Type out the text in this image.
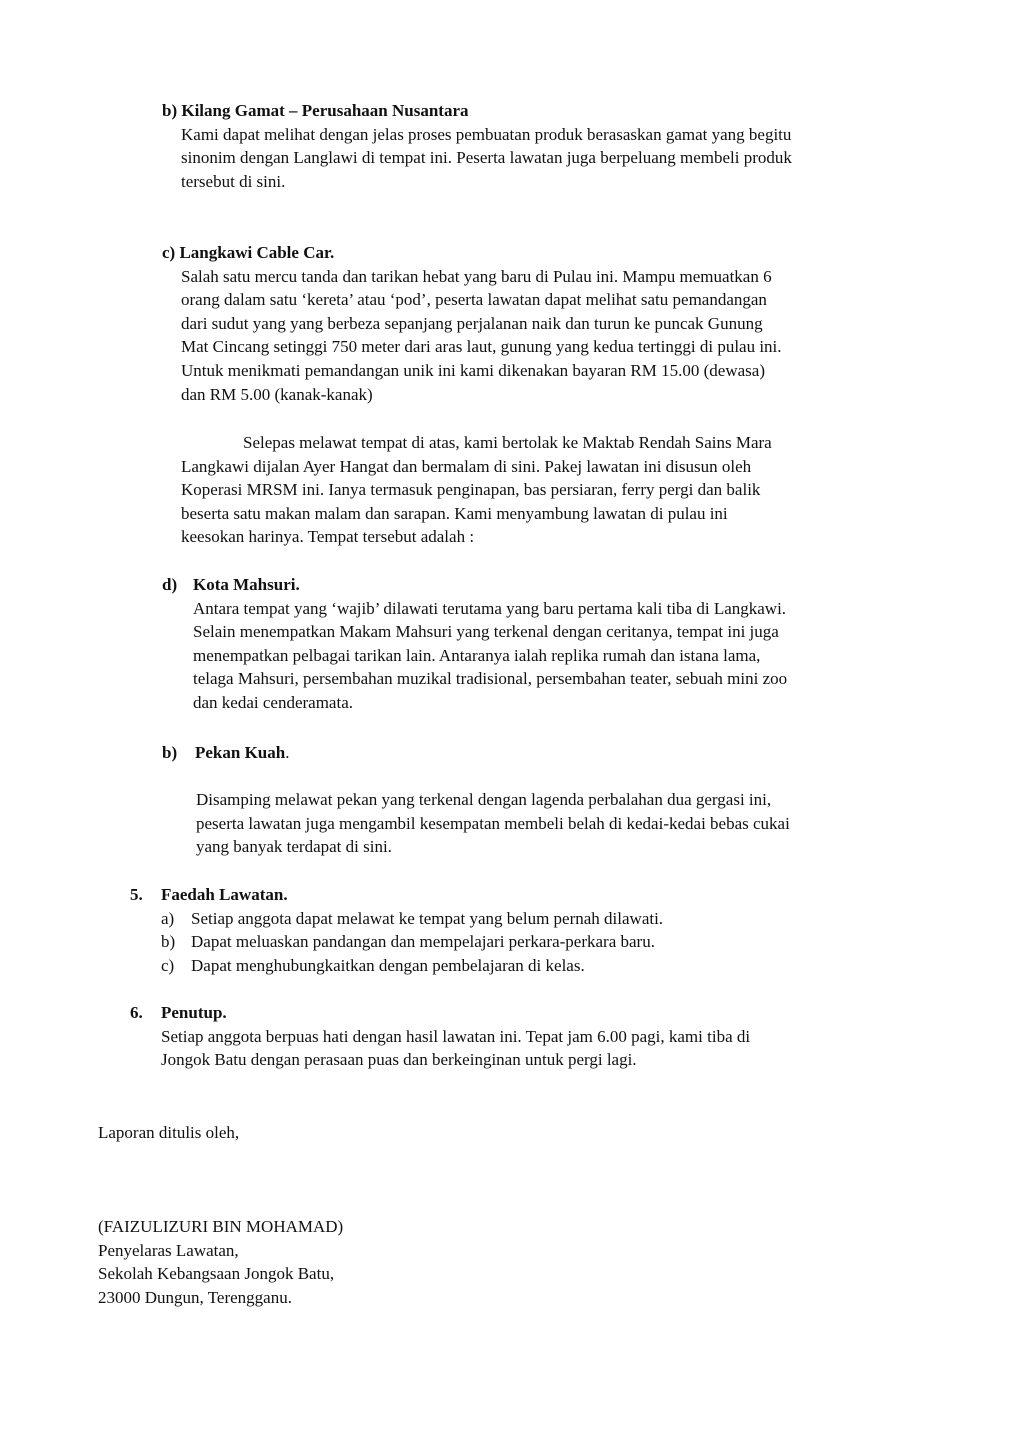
b) Kilang Gamat – Perusahaan Nusantara
Kami dapat melihat dengan jelas proses pembuatan produk berasaskan gamat yang begitu
sinonim dengan Langlawi di tempat ini. Peserta lawatan juga berpeluang membeli produk
tersebut di sini.
c) Langkawi Cable Car.
Salah satu mercu tanda dan tarikan hebat yang baru di Pulau ini. Mampu memuatkan 6
orang dalam satu ‘kereta’ atau ‘pod’, peserta lawatan dapat melihat satu pemandangan
dari sudut yang yang berbeza sepanjang perjalanan naik dan turun ke puncak Gunung
Mat Cincang setinggi 750 meter dari aras laut, gunung yang kedua tertinggi di pulau ini.
Untuk menikmati pemandangan unik ini kami dikenakan bayaran RM 15.00 (dewasa)
dan RM 5.00 (kanak-kanak)
Selepas melawat tempat di atas, kami bertolak ke Maktab Rendah Sains Mara
Langkawi dijalan Ayer Hangat dan bermalam di sini. Pakej lawatan ini disusun oleh
Koperasi MRSM ini. Ianya termasuk penginapan, bas persiaran, ferry pergi dan balik
beserta satu makan malam dan sarapan. Kami menyambung lawatan di pulau ini
keesokan harinya. Tempat tersebut adalah :
d) Kota Mahsuri.
Antara tempat yang ‘wajib’ dilawati terutama yang baru pertama kali tiba di Langkawi.
Selain menempatkan Makam Mahsuri yang terkenal dengan ceritanya, tempat ini juga
menempatkan pelbagai tarikan lain. Antaranya ialah replika rumah dan istana lama,
telaga Mahsuri, persembahan muzikal tradisional, persembahan teater, sebuah mini zoo
dan kedai cenderamata.
b) Pekan Kuah.
Disamping melawat pekan yang terkenal dengan lagenda perbalahan dua gergasi ini,
peserta lawatan juga mengambil kesempatan membeli belah di kedai-kedai bebas cukai
yang banyak terdapat di sini.
5. Faedah Lawatan.
a) Setiap anggota dapat melawat ke tempat yang belum pernah dilawati.
b) Dapat meluaskan pandangan dan mempelajari perkara-perkara baru.
c) Dapat menghubungkaitkan dengan pembelajaran di kelas.
6. Penutup.
Setiap anggota berpuas hati dengan hasil lawatan ini. Tepat jam 6.00 pagi, kami tiba di
Jongok Batu dengan perasaan puas dan berkeinginan untuk pergi lagi.
Laporan ditulis oleh,
(FAIZULIZURI BIN MOHAMAD)
Penyelaras Lawatan,
Sekolah Kebangsaan Jongok Batu,
23000 Dungun, Terengganu.
